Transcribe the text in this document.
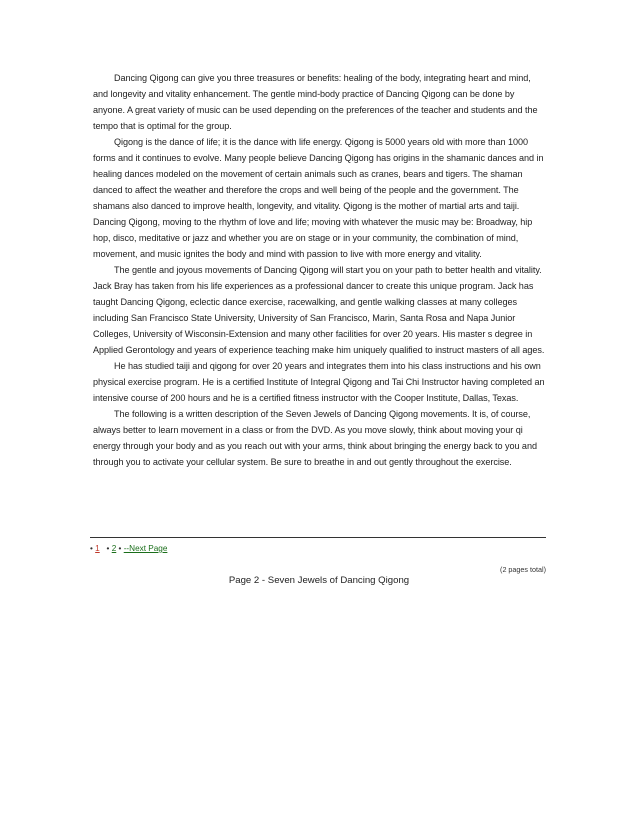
Dancing Qigong can give you three treasures or benefits: healing of the body, integrating heart and mind, and longevity and vitality enhancement. The gentle mind-body practice of Dancing Qigong can be done by anyone. A great variety of music can be used depending on the preferences of the teacher and students and the tempo that is optimal for the group.

Qigong is the dance of life; it is the dance with life energy. Qigong is 5000 years old with more than 1000 forms and it continues to evolve. Many people believe Dancing Qigong has origins in the shamanic dances and in healing dances modeled on the movement of certain animals such as cranes, bears and tigers. The shaman danced to affect the weather and therefore the crops and well being of the people and the government. The shamans also danced to improve health, longevity, and vitality. Qigong is the mother of martial arts and taiji. Dancing Qigong, moving to the rhythm of love and life; moving with whatever the music may be: Broadway, hip hop, disco, meditative or jazz and whether you are on stage or in your community, the combination of mind, movement, and music ignites the body and mind with passion to live with more energy and vitality.

The gentle and joyous movements of Dancing Qigong will start you on your path to better health and vitality. Jack Bray has taken from his life experiences as a professional dancer to create this unique program. Jack has taught Dancing Qigong, eclectic dance exercise, racewalking, and gentle walking classes at many colleges including San Francisco State University, University of San Francisco, Marin, Santa Rosa and Napa Junior Colleges, University of Wisconsin-Extension and many other facilities for over 20 years. His master s degree in Applied Gerontology and years of experience teaching make him uniquely qualified to instruct masters of all ages.

He has studied taiji and qigong for over 20 years and integrates them into his class instructions and his own physical exercise program. He is a certified Institute of Integral Qigong and Tai Chi Instructor having completed an intensive course of 200 hours and he is a certified fitness instructor with the Cooper Institute, Dallas, Texas.

The following is a written description of the Seven Jewels of Dancing Qigong movements. It is, of course, always better to learn movement in a class or from the DVD. As you move slowly, think about moving your qi energy through your body and as you reach out with your arms, think about bringing the energy back to you and through you to activate your cellular system. Be sure to breathe in and out gently throughout the exercise.

• 1 • 2 • --Next Page
(2 pages total)
Page 2 - Seven Jewels of Dancing Qigong
